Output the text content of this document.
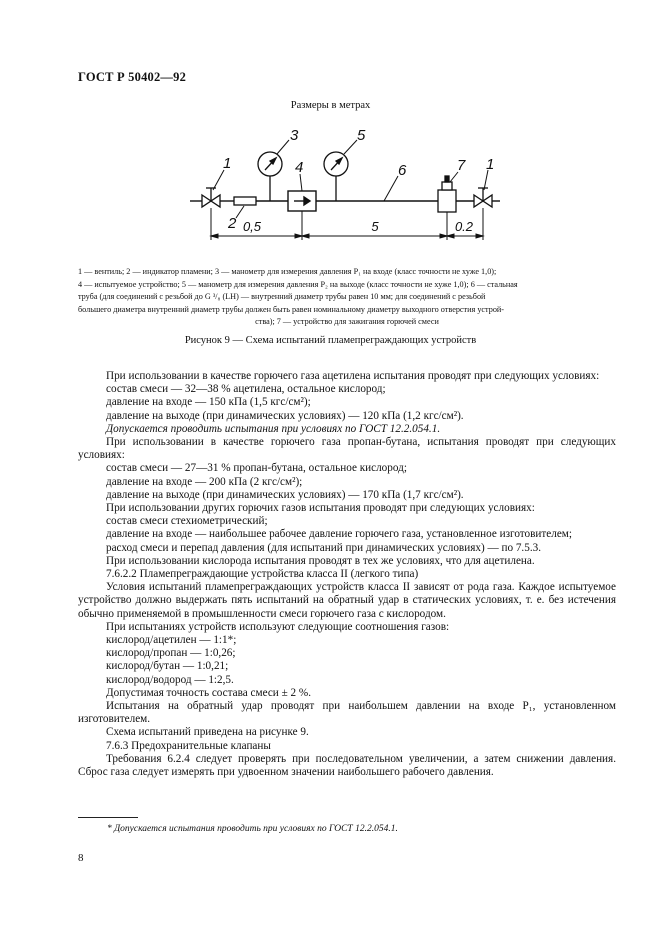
ГОСТ Р 50402—92
Размеры в метрах
1
2
3
4
5
6	7 1
0,5	5	0.2
1 — вентиль; 2 — индикатор пламени; 3 — манометр для измерения давления P₁ на входе (класс точности не хуже 1,0);
4 — испытуемое устройство; 5 — манометр для измерения давления P₂ на выходе (класс точности не хуже 1,0); 6 — стальная
труба (для соединений с резьбой до G ³/₈ (LH) — внутренний диаметр трубы равен 10 мм; для соединений с резьбой
большего диаметра внутренний диаметр трубы должен быть равен номинальному диаметру выходного отверстия устрой-
ства); 7 — устройство для зажигания горючей смеси
Рисунок 9 — Схема испытаний пламепреграждающих устройств

При использовании в качестве горючего газа ацетилена испытания проводят при следующих условиях:

состав смеси — 32—38 % ацетилена, остальное кислород;

давление на входе — 150 кПа (1,5 кгс/см²);

давление на выходе (при динамических условиях) — 120 кПа (1,2 кгс/см²).

Допускается проводить испытания при условиях по ГОСТ 12.2.054.1.

При использовании в качестве горючего газа пропан-бутана, испытания проводят при следующих условиях:

состав смеси — 27—31 % пропан-бутана, остальное кислород;

давление на входе — 200 кПа (2 кгс/см²);

давление на выходе (при динамических условиях) — 170 кПа (1,7 кгс/см²).

При использовании других горючих газов испытания проводят при следующих условиях:

состав смеси стехиометрический;

давление на входе — наибольшее рабочее давление горючего газа, установленное изготовителем;

расход смеси и перепад давления (для испытаний при динамических условиях) — по 7.5.3.

При использовании кислорода испытания проводят в тех же условиях, что для ацетилена.

7.6.2.2 Пламепреграждающие устройства класса II (легкого типа)

Условия испытаний пламепреграждающих устройств класса II зависят от рода газа. Каждое испытуемое устройство должно выдержать пять испытаний на обратный удар в статических условиях, т. е. без истечения обычно применяемой в промышленности смеси горючего газа с кислородом.

При испытаниях устройств используют следующие соотношения газов:

кислород/ацетилен — 1:1*;

кислород/пропан — 1:0,26;

кислород/бутан — 1:0,21;

кислород/водород — 1:2,5.

Допустимая точность состава смеси ± 2 %.

Испытания на обратный удар проводят при наибольшем давлении на входе P₁, установленном изготовителем.

Схема испытаний приведена на рисунке 9.

7.6.3 Предохранительные клапаны

Требования 6.2.4 следует проверять при последовательном увеличении, а затем снижении давления. Сброс газа следует измерять при удвоенном значении наибольшего рабочего давления.

* Допускается испытания проводить при условиях по ГОСТ 12.2.054.1.
8
